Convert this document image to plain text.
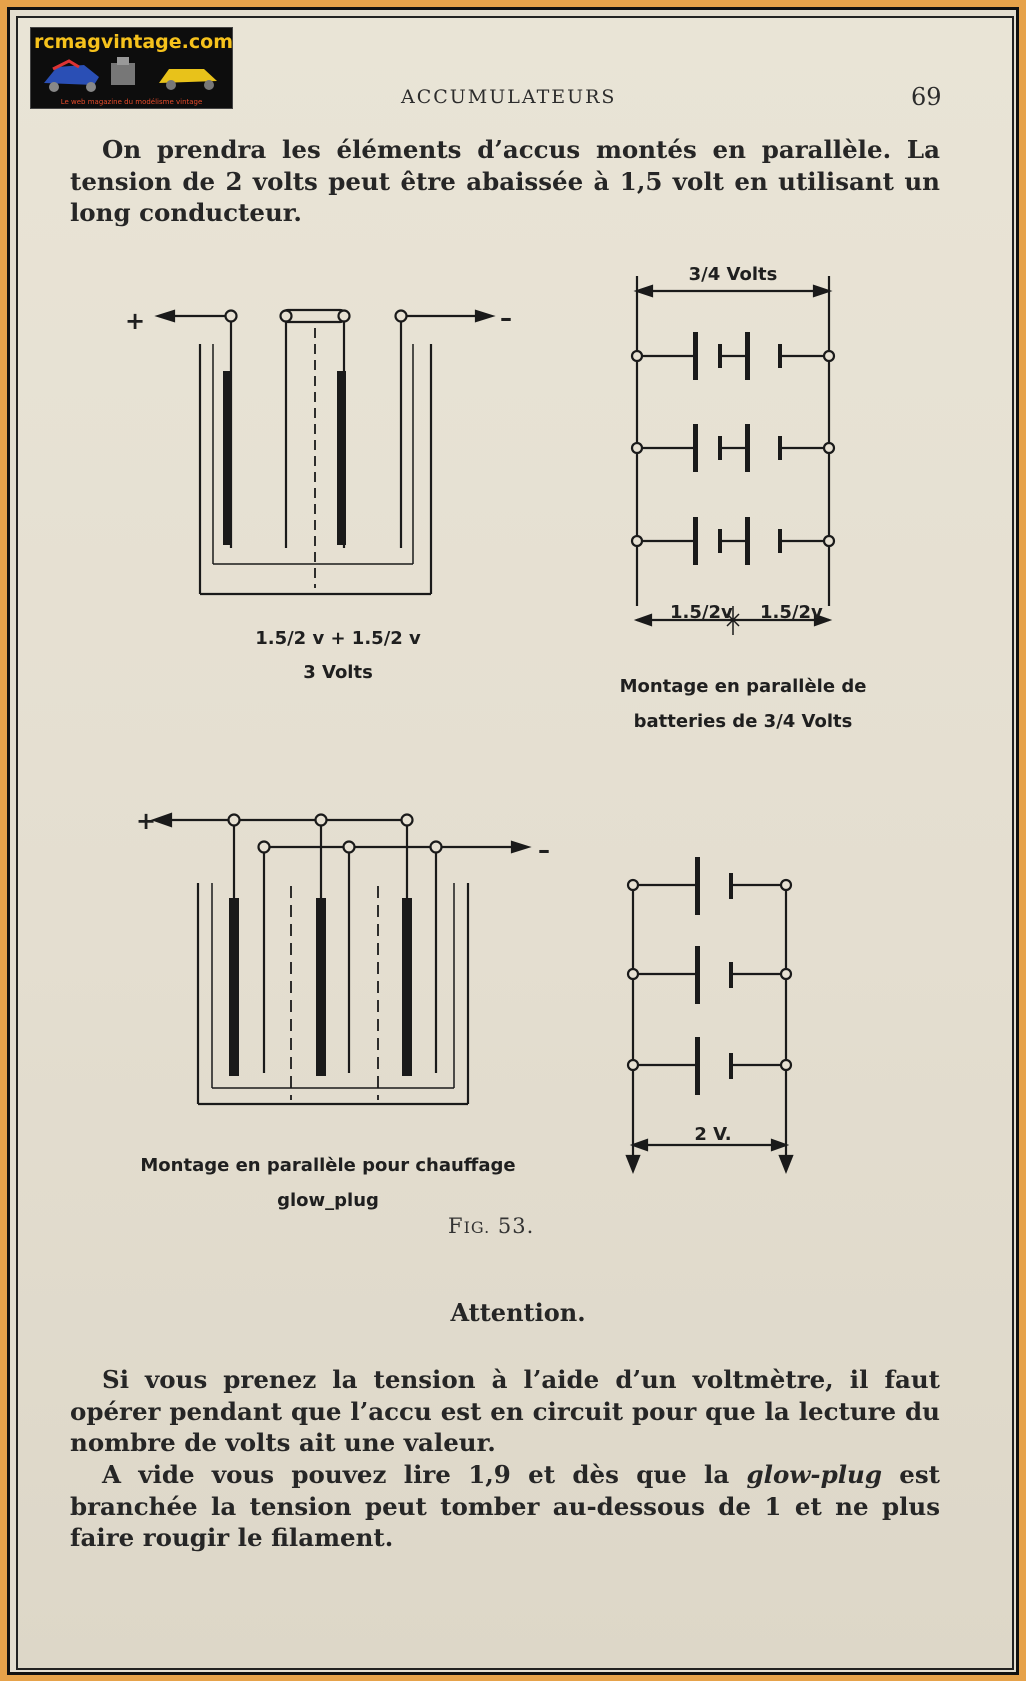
rcmagvintage.com
Le web magazine du modélisme vintage	ACCUMULATEURS	69
On prendra les éléments d’accus montés en parallèle. La tension de 2 volts peut être abaissée à 1,5 volt en utilisant un long conducteur.
+	–
1.5/2 v + 1.5/2 v
3 Volts
3/4 Volts
1.5/2v 1.5/2v
Montage en parallèle de
batteries de 3/4 Volts
+
–
Montage en parallèle pour chauffage
glow_plug
2 V.
FIG. 53.
Attention.
Si vous prenez la tension à l’aide d’un voltmètre, il faut opérer pendant que l’accu est en circuit pour que la lecture du nombre de volts ait une valeur.
A vide vous pouvez lire 1,9 et dès que la glow-plug est branchée la tension peut tomber au-dessous de 1 et ne plus faire rougir le filament.
